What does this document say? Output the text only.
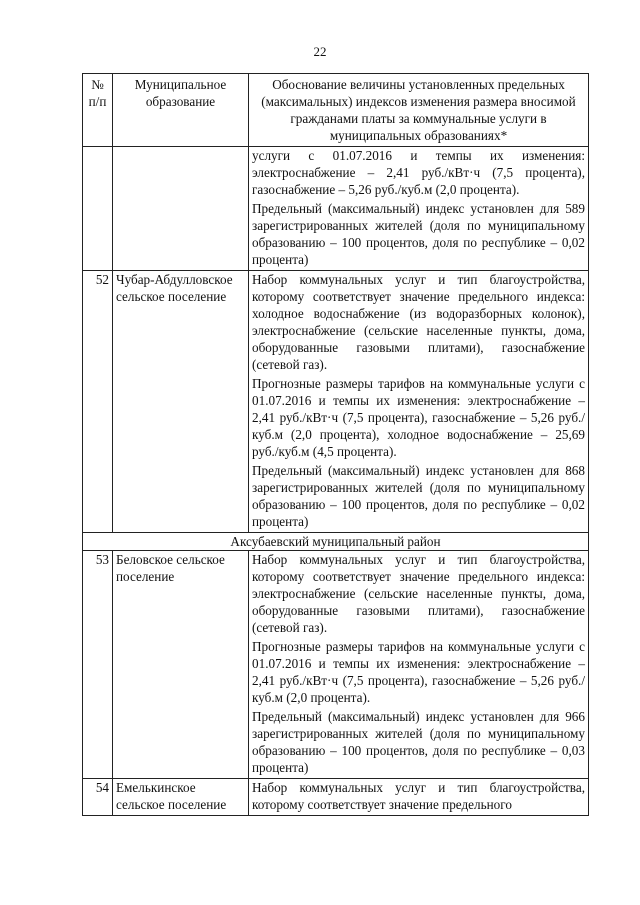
22
№ п/п	Муниципальное образование	Обоснование величины установленных предельных (максимальных) индексов изменения размера вносимой гражданами платы за коммунальные услуги в муниципальных образованиях*

		услуги с 01.07.2016 и темпы их изменения: электроснабжение – 2,41 руб./кВт·ч (7,5 процента), газоснабжение – 5,26 руб./куб.м (2,0 процента).

Предельный (максимальный) индекс установлен для 589 зарегистрированных жителей (доля по муниципальному образованию – 100 процентов, доля по республике – 0,02 процента)

52	Чубар-Абдулловское сельское поселение	Набор коммунальных услуг и тип благоустройства, которому соответствует значение предельного индекса: холодное водоснабжение (из водоразборных колонок), электроснабжение (сельские населенные пункты, дома, оборудованные газовыми плитами), газоснабжение (сетевой газ).

Прогнозные размеры тарифов на коммунальные услуги с 01.07.2016 и темпы их изменения: электроснабжение – 2,41 руб./кВт·ч (7,5 процента), газоснабжение – 5,26 руб./куб.м (2,0 процента), холодное водоснабжение – 25,69 руб./куб.м (4,5 процента).

Предельный (максимальный) индекс установлен для 868 зарегистрированных жителей (доля по муниципальному образованию – 100 процентов, доля по республике – 0,02 процента)

Аксубаевский муниципальный район		
53	Беловское сельское поселение	Набор коммунальных услуг и тип благоустройства, которому соответствует значение предельного индекса: электроснабжение (сельские населенные пункты, дома, оборудованные газовыми плитами), газоснабжение (сетевой газ).

Прогнозные размеры тарифов на коммунальные услуги с 01.07.2016 и темпы их изменения: электроснабжение – 2,41 руб./кВт·ч (7,5 процента), газоснабжение – 5,26 руб./куб.м (2,0 процента).

Предельный (максимальный) индекс установлен для 966 зарегистрированных жителей (доля по муниципальному образованию – 100 процентов, доля по республике – 0,03 процента)

54	Емелькинское сельское поселение	Набор коммунальных услуг и тип благоустройства, которому соответствует значение предельного
